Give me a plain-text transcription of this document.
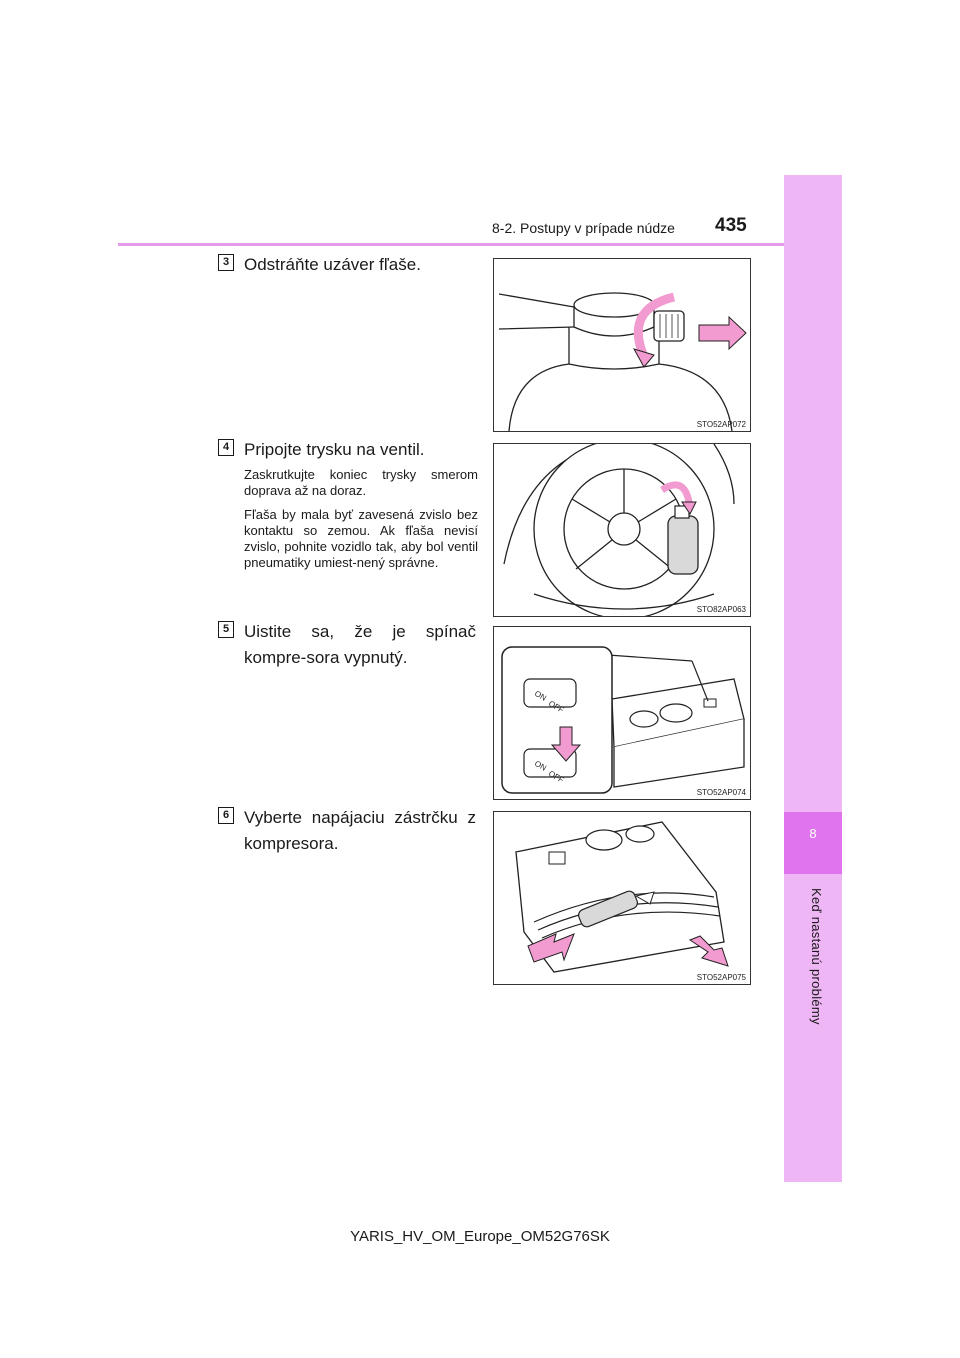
8
Keď nastanú problémy
8-2. Postupy v prípade núdze 435
3 Odstráňte uzáver fľaše.
STO52AP072
4 Pripojte trysku na ventil.
Zaskrutkujte koniec trysky smerom doprava až na doraz.
Fľaša by mala byť zavesená zvislo bez kontaktu so zemou. Ak fľaša nevisí zvislo, pohnite vozidlo tak, aby bol ventil pneumatiky umiest-nený správne.
STO82AP063
5 Uistite sa, že je spínač kompre-sora vypnutý.
ON
OFF
ON
OFF
STO52AP074
6 Vyberte napájaciu zástrčku z kompresora.
STO52AP075
YARIS_HV_OM_Europe_OM52G76SK
